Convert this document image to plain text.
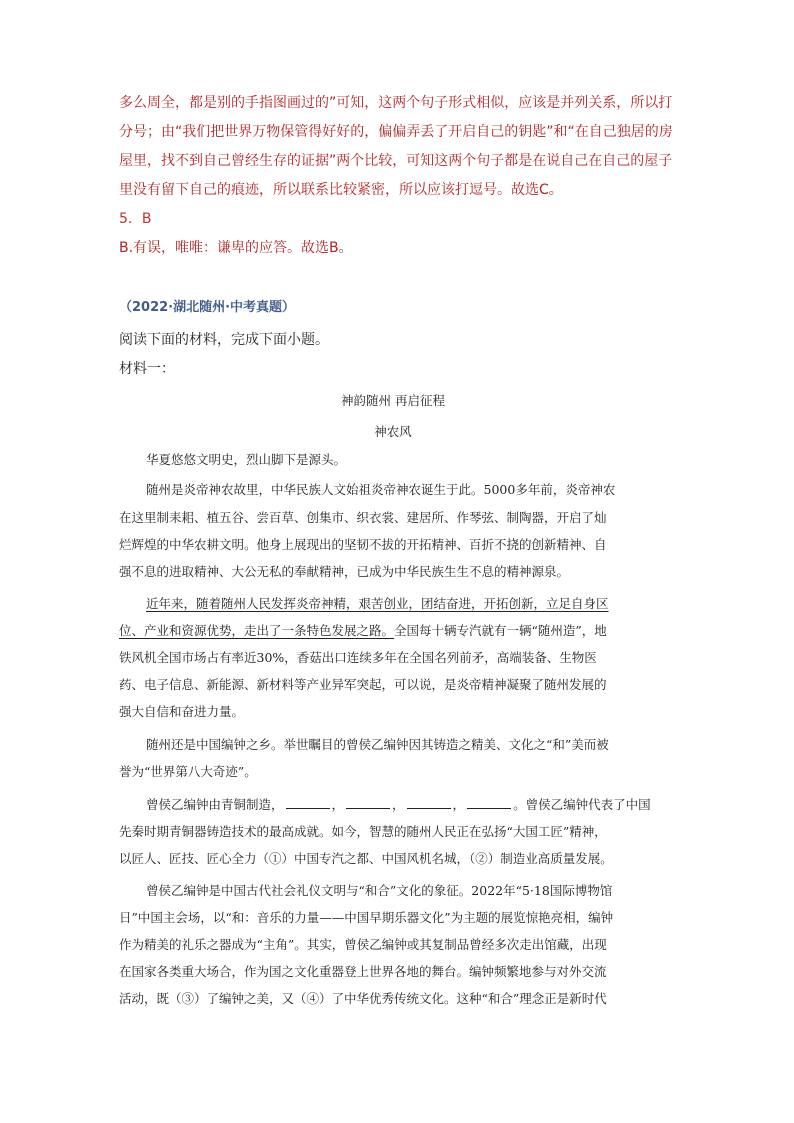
多么周全，都是别的手指图画过的”可知，这两个句子形式相似，应该是并列关系，所以打

分号；由“我们把世界万物保管得好好的，偏偏弄丢了开启自己的钥匙”和“在自己独居的房

屋里，找不到自己曾经生存的证据”两个比较，可知这两个句子都是在说自己在自己的屋子

里没有留下自己的痕迹，所以联系比较紧密，所以应该打逗号。故选C。

5．B

B.有误，唯唯：谦卑的应答。故选B。

（2022·湖北随州·中考真题）
阅读下面的材料，完成下面小题。
材料一：
神韵随州 再启征程
神农风
华夏悠悠文明史，烈山脚下是源头。
随州是炎帝神农故里，中华民族人文始祖炎帝神农诞生于此。5000多年前，炎帝神农
在这里制耒耜、植五谷、尝百草、创集市、织衣裳、建居所、作琴弦、制陶器，开启了灿
烂辉煌的中华农耕文明。他身上展现出的坚韧不拔的开拓精神、百折不挠的创新精神、自
强不息的进取精神、大公无私的奉献精神，已成为中华民族生生不息的精神源泉。
近年来，随着随州人民发挥炎帝神精，艰苦创业，团结奋进，开拓创新，立足自身区
位、产业和资源优势，走出了一条特色发展之路。全国每十辆专汽就有一辆“随州造”，地
铁风机全国市场占有率近30%，香菇出口连续多年在全国名列前矛，高端装备、生物医
药、电子信息、新能源、新材料等产业异军突起，可以说，是炎帝精神凝聚了随州发展的
强大自信和奋进力量。
随州还是中国编钟之乡。举世瞩目的曾侯乙编钟因其铸造之精美、文化之“和”美而被
誉为“世界第八大奇迹”。
曾侯乙编钟由青铜制造，	，	，	，	。曾侯乙编钟代表了中国
先秦时期青铜器铸造技术的最高成就。如今，智慧的随州人民正在弘扬“大国工匠”精神，
以匠人、匠技、匠心全力（①）中国专汽之都、中国风机名城，（②）制造业高质量发展。
曾侯乙编钟是中国古代社会礼仪文明与“和合”文化的象征。2022年“5·18国际博物馆
日”中国主会场，以“和：音乐的力量——中国早期乐器文化”为主题的展览惊艳亮相，编钟
作为精美的礼乐之器成为“主角”。其实，曾侯乙编钟或其复制品曾经多次走出馆藏，出现
在国家各类重大场合，作为国之文化重器登上世界各地的舞台。编钟频繁地参与对外交流
活动，既（③）了编钟之美，又（④）了中华优秀传统文化。这种“和合”理念正是新时代
